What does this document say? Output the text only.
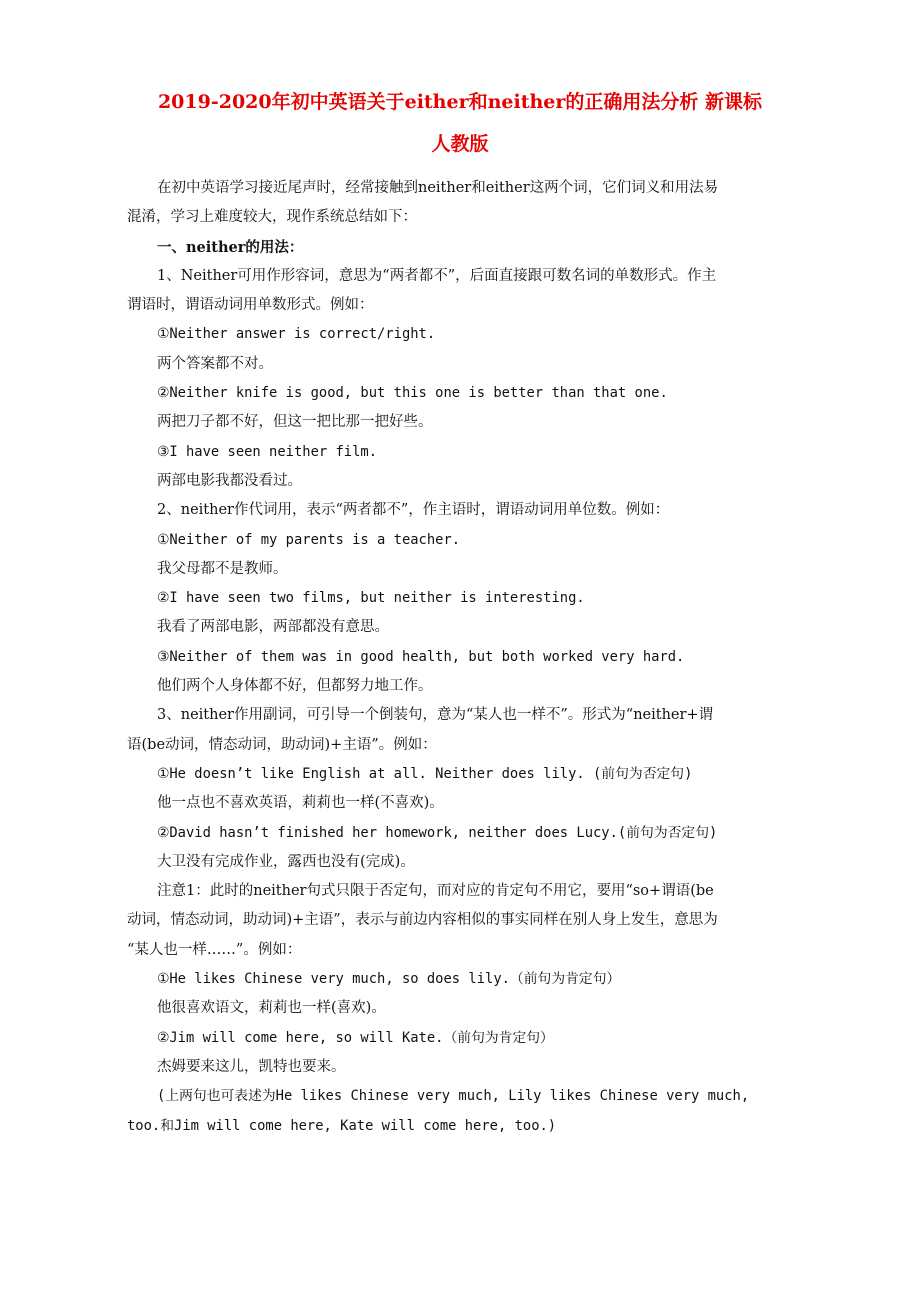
2019-2020年初中英语关于either和neither的正确用法分析 新课标
人教版
在初中英语学习接近尾声时，经常接触到neither和either这两个词，它们词义和用法易
混淆，学习上难度较大，现作系统总结如下：
一、neither的用法：
1、Neither可用作形容词，意思为“两者都不”，后面直接跟可数名词的单数形式。作主
谓语时，谓语动词用单数形式。例如：
①Neither answer is correct/right.
两个答案都不对。
②Neither knife is good, but this one is better than that one.
两把刀子都不好，但这一把比那一把好些。
③I have seen neither film.
两部电影我都没看过。
2、neither作代词用，表示“两者都不”，作主语时，谓语动词用单位数。例如：
①Neither of my parents is a teacher.
我父母都不是教师。
②I have seen two films, but neither is interesting.
我看了两部电影，两部都没有意思。
③Neither of them was in good health, but both worked very hard.
他们两个人身体都不好，但都努力地工作。
3、neither作用副词，可引导一个倒装句，意为“某人也一样不”。形式为“neither+谓
语(be动词，情态动词，助动词)+主语”。例如：
①He doesn’t like English at all. Neither does lily. (前句为否定句)
他一点也不喜欢英语，莉莉也一样(不喜欢)。
②David hasn’t finished her homework, neither does Lucy.(前句为否定句)
大卫没有完成作业，露西也没有(完成)。
注意1：此时的neither句式只限于否定句，而对应的肯定句不用它，要用“so+谓语(be
动词，情态动词，助动词)+主语”，表示与前边内容相似的事实同样在别人身上发生，意思为
“某人也一样……”。例如：
①He likes Chinese very much, so does lily.（前句为肯定句）
他很喜欢语文，莉莉也一样(喜欢)。
②Jim will come here, so will Kate.（前句为肯定句）
杰姆要来这儿，凯特也要来。
(上两句也可表述为He likes Chinese very much, Lily likes Chinese very much,
too.和Jim will come here, Kate will come here, too.)
